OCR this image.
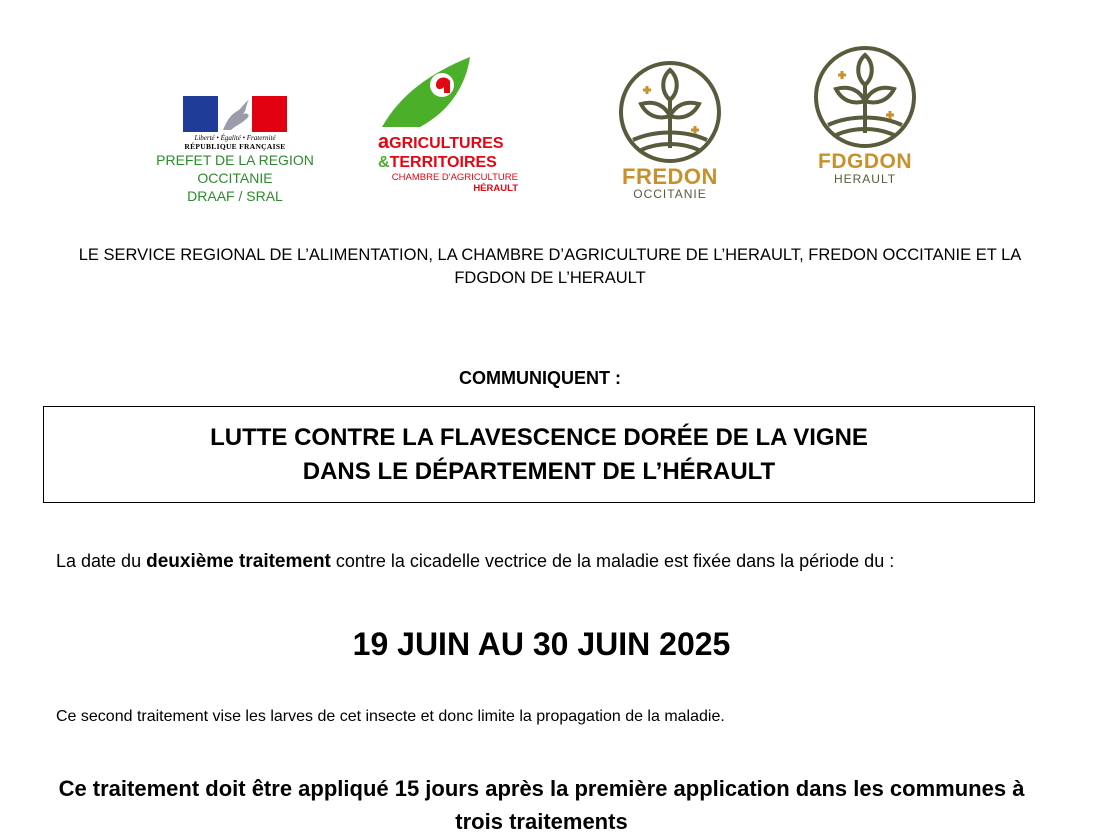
Liberté • Égalité • Fraternité
RÉPUBLIQUE FRANÇAISE
PREFET DE LA REGION
OCCITANIE
DRAAF / SRAL
aGRICULTURES
&TERRITOIRES
CHAMBRE D'AGRICULTURE
HÉRAULT	FREDON
OCCITANIE
FDGDON
HERAULT
LE SERVICE REGIONAL DE L’ALIMENTATION, LA CHAMBRE D’AGRICULTURE DE L’HERAULT, FREDON OCCITANIE ET LA FDGDON DE L’HERAULT
COMMUNIQUENT :
LUTTE CONTRE LA FLAVESCENCE DORÉE DE LA VIGNE
DANS LE DÉPARTEMENT DE L’HÉRAULT
La date du deuxième traitement contre la cicadelle vectrice de la maladie est fixée dans la période du :
19 JUIN AU 30 JUIN 2025
Ce second traitement vise les larves de cet insecte et donc limite la propagation de la maladie.
Ce traitement doit être appliqué 15 jours après la première application dans les communes à trois traitements
